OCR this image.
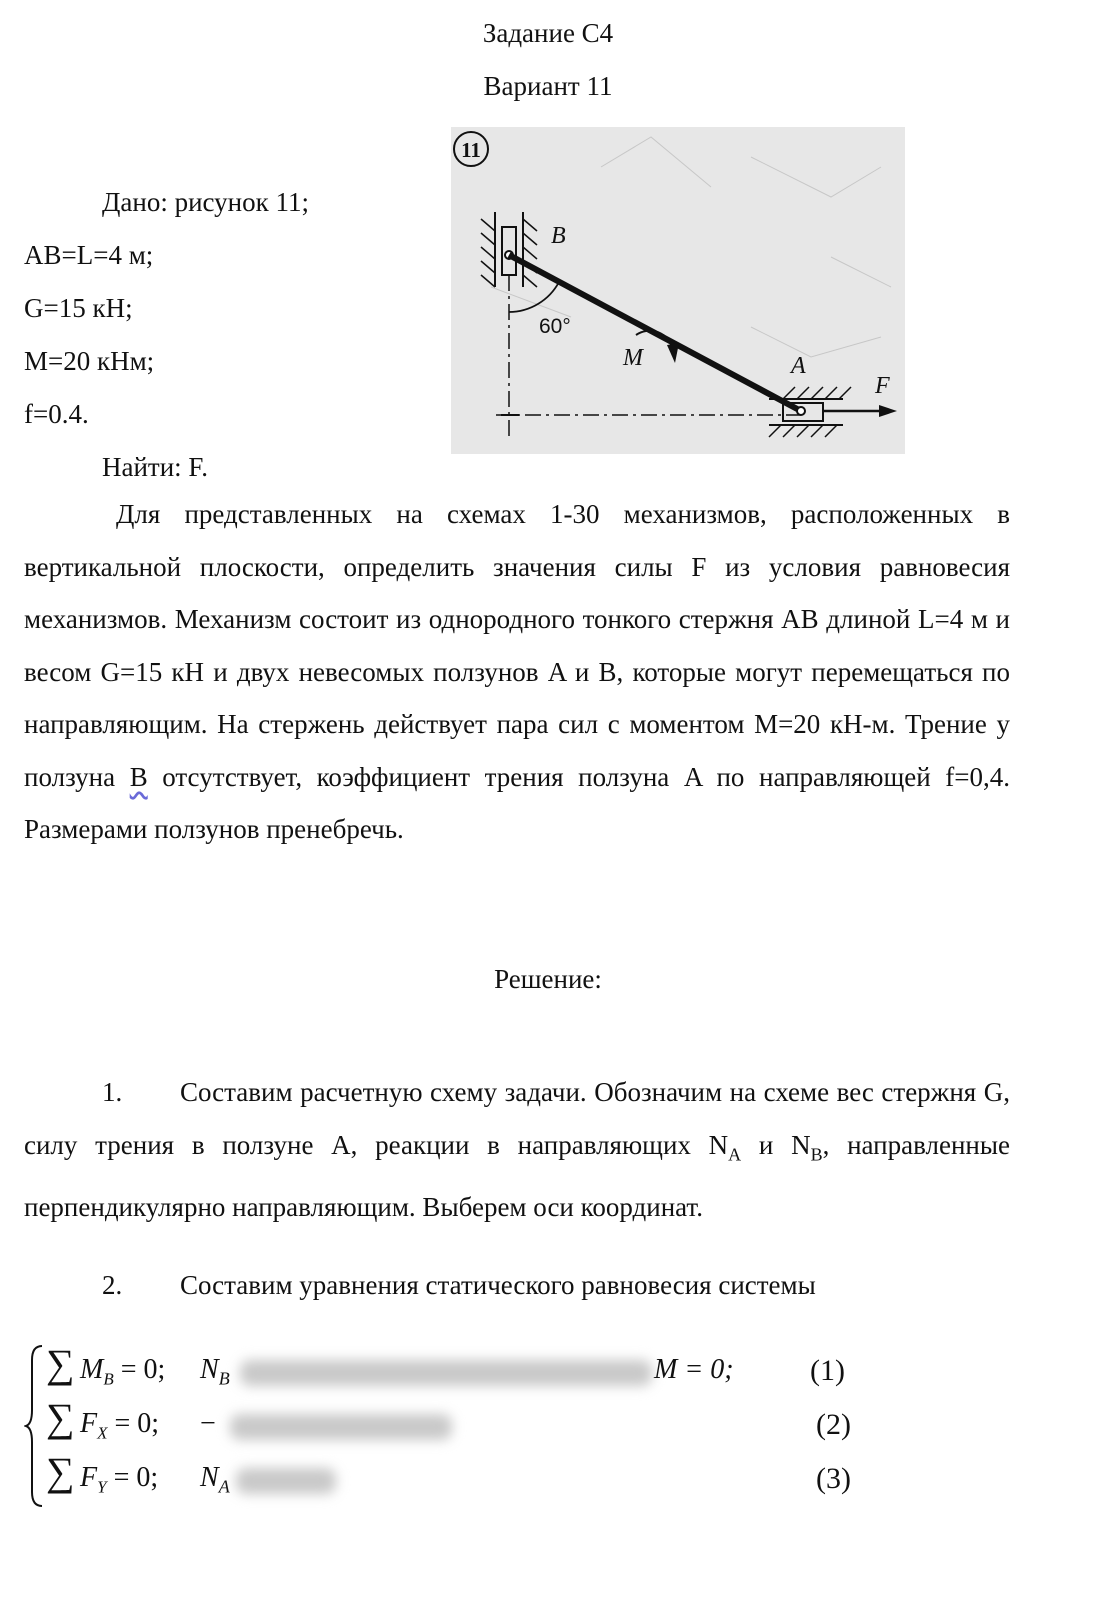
Задание С4
Вариант 11
Дано: рисунок 11;
AB=L=4 м;
G=15 кН;
M=20 кНм;
f=0.4.
Найти: F.
11
B
60°
M	A
F
Для представленных на схемах 1-30 механизмов, расположенных в вертикальной плоскости, определить значения силы F из условия равновесия механизмов. Механизм состоит из однородного тонкого стержня AB длиной L=4 м и весом G=15 кН и двух невесомых ползунов A и B, которые могут перемещаться по направляющим. На стержень действует пара сил с моментом M=20 кН-м. Трение у ползуна B отсутствует, коэффициент трения ползуна A по направляющей f=0,4. Размерами ползунов пренебречь.
Решение:
1. Составим расчетную схему задачи. Обозначим на схеме вес стержня G, силу трения в ползуне A, реакции в направляющих $N_A$ и $N_B$, направленные перпендикулярно направляющим. Выберем оси координат.
2. Составим уравнения статического равновесия системы
∑ $M_B = 0$; $N_B$	M = 0;	(1)
∑ $F_X = 0$; −	(2)
∑ $F_Y = 0$; $N_A$	(3)
